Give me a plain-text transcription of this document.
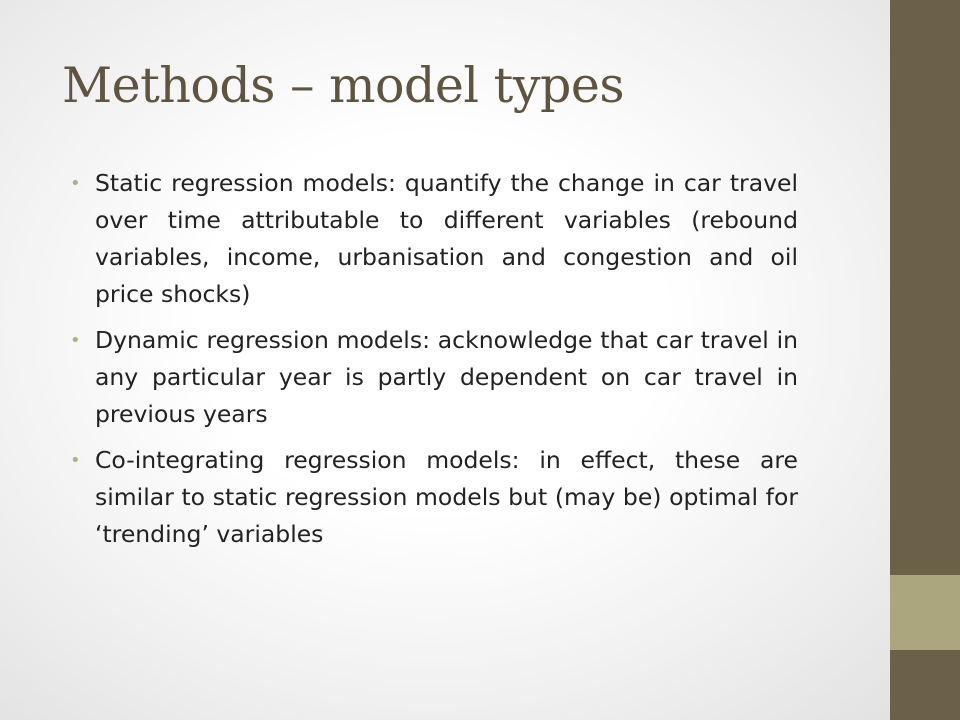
Methods – model types
• Static regression models: quantify the change in car travel over time attributable to different variables (rebound variables, income, urbanisation and congestion and oil price shocks)
• Dynamic regression models: acknowledge that car travel in any particular year is partly dependent on car travel in previous years
• Co-integrating regression models: in effect, these are similar to static regression models but (may be) optimal for ‘trending’ variables
